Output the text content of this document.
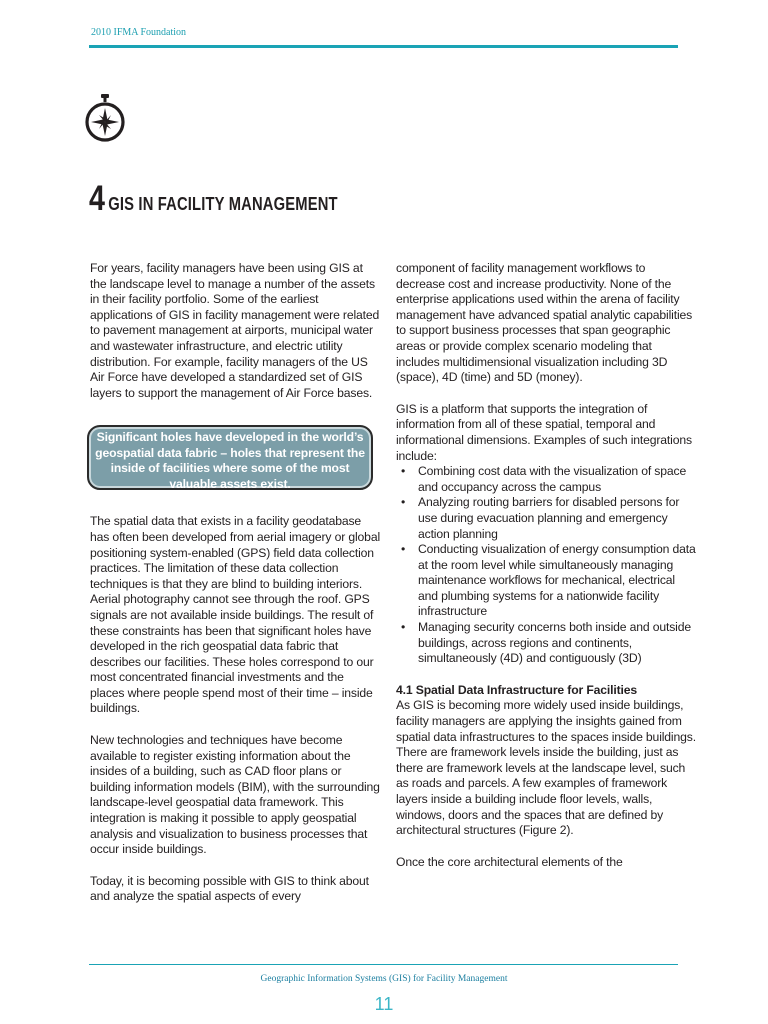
2010 IFMA Foundation
4 GIS IN FACILITY MANAGEMENT

For years, facility managers have been using GIS at the landscape level to manage a number of the assets in their facility portfolio. Some of the earliest applications of GIS in facility management were related to pavement management at airports, municipal water and wastewater infrastructure, and electric utility distribution. For example, facility managers of the US Air Force have developed a standardized set of GIS layers to support the management of Air Force bases.

Significant holes have developed in the world’s geospatial data fabric – holes that represent the inside of facilities where some of the most valuable assets exist.

The spatial data that exists in a facility geodatabase has often been developed from aerial imagery or global positioning system-enabled (GPS) field data collection practices. The limitation of these data collection techniques is that they are blind to building interiors. Aerial photography cannot see through the roof. GPS signals are not available inside buildings. The result of these constraints has been that significant holes have developed in the rich geospatial data fabric that describes our facilities. These holes correspond to our most concentrated financial investments and the places where people spend most of their time – inside buildings.

New technologies and techniques have become available to register existing information about the insides of a building, such as CAD floor plans or building information models (BIM), with the surrounding landscape-level geospatial data framework. This integration is making it possible to apply geospatial analysis and visualization to business processes that occur inside buildings.

Today, it is becoming possible with GIS to think about and analyze the spatial aspects of every

component of facility management workflows to decrease cost and increase productivity. None of the enterprise applications used within the arena of facility management have advanced spatial analytic capabilities to support business processes that span geographic areas or provide complex scenario modeling that includes multidimensional visualization including 3D (space), 4D (time) and 5D (money).

GIS is a platform that supports the integration of information from all of these spatial, temporal and informational dimensions. Examples of such integrations include:

• Combining cost data with the visualization of space and occupancy across the campus
• Analyzing routing barriers for disabled persons for use during evacuation planning and emergency action planning
• Conducting visualization of energy consumption data at the room level while simultaneously managing maintenance workflows for mechanical, electrical and plumbing systems for a nationwide facility infrastructure
• Managing security concerns both inside and outside buildings, across regions and continents, simultaneously (4D) and contiguously (3D)

4.1 Spatial Data Infrastructure for Facilities

As GIS is becoming more widely used inside buildings, facility managers are applying the insights gained from spatial data infrastructures to the spaces inside buildings. There are framework levels inside the building, just as there are framework levels at the landscape level, such as roads and parcels. A few examples of framework layers inside a building include floor levels, walls, windows, doors and the spaces that are defined by architectural structures (Figure 2).

Once the core architectural elements of the

Geographic Information Systems (GIS) for Facility Management
11
